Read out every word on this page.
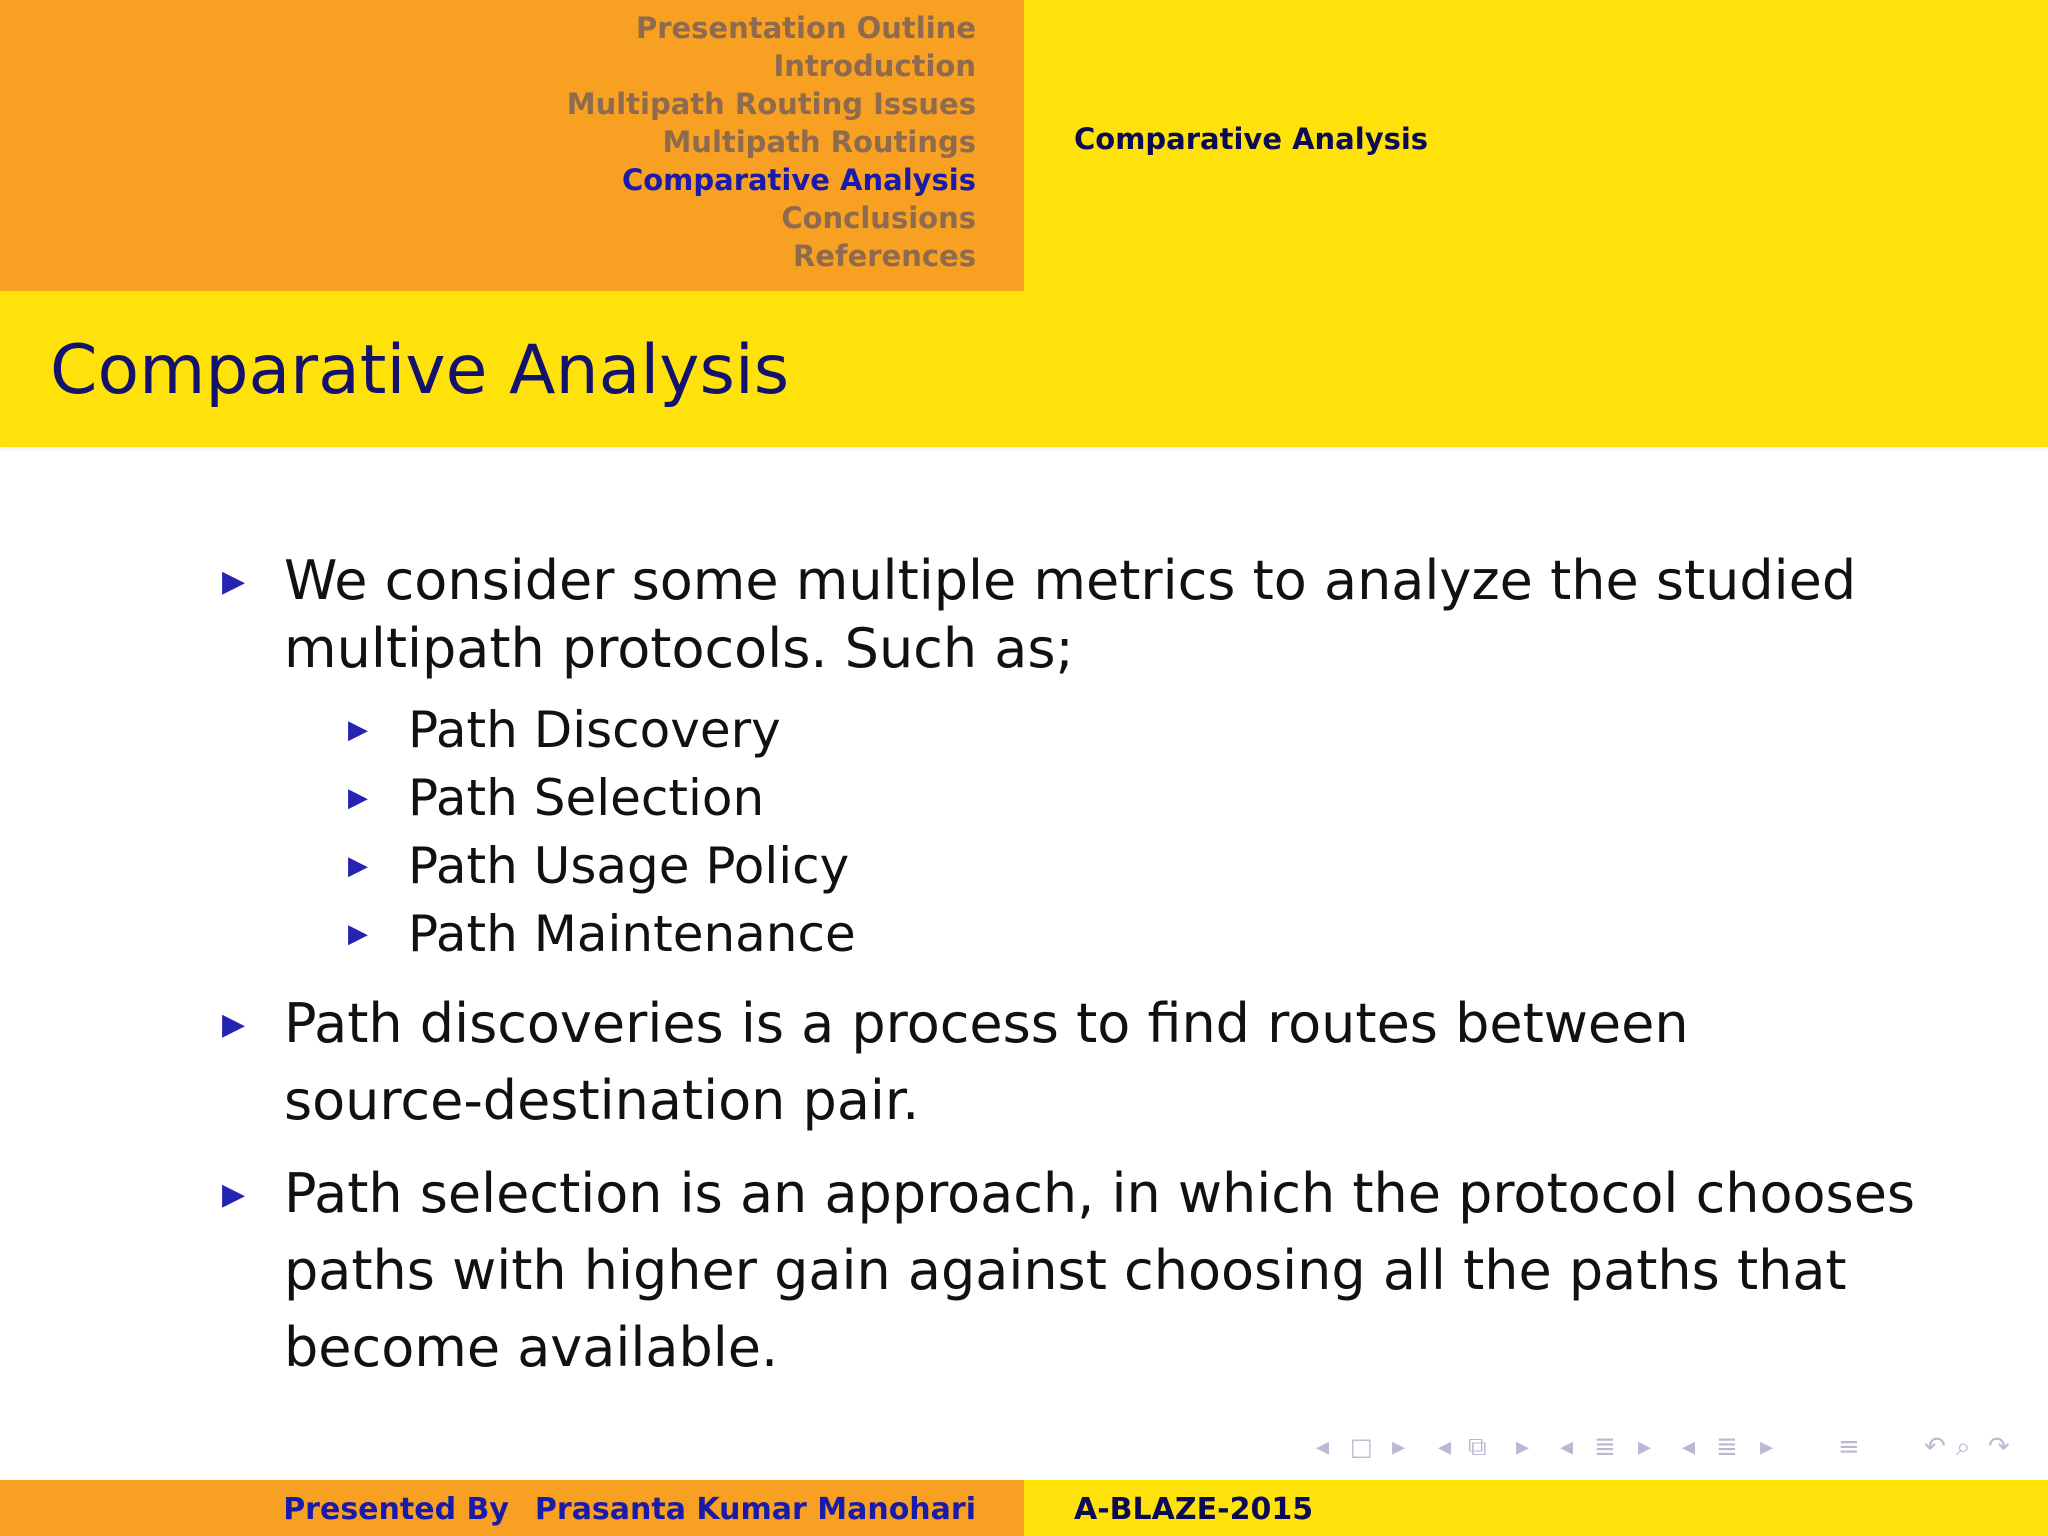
Presentation Outline
Introduction
Multipath Routing Issues
Multipath Routings
Comparative Analysis
Conclusions
References
Comparative Analysis
Comparative Analysis
▶ We consider some multiple metrics to analyze the studied
multipath protocols. Such as;
▶ Path Discovery
▶ Path Selection
▶ Path Usage Policy
▶ Path Maintenance
▶ Path discoveries is a process to find routes between
source-destination pair.
▶ Path selection is an approach, in which the protocol chooses
paths with higher gain against choosing all the paths that
become available.
◂ □ ▸ ◂ ⧉ ▸ ◂ ≣ ▸ ◂ ≣ ▸ ≡ ↶ ⌕ ↷
Presented By Prasanta Kumar Manohari	A-BLAZE-2015
